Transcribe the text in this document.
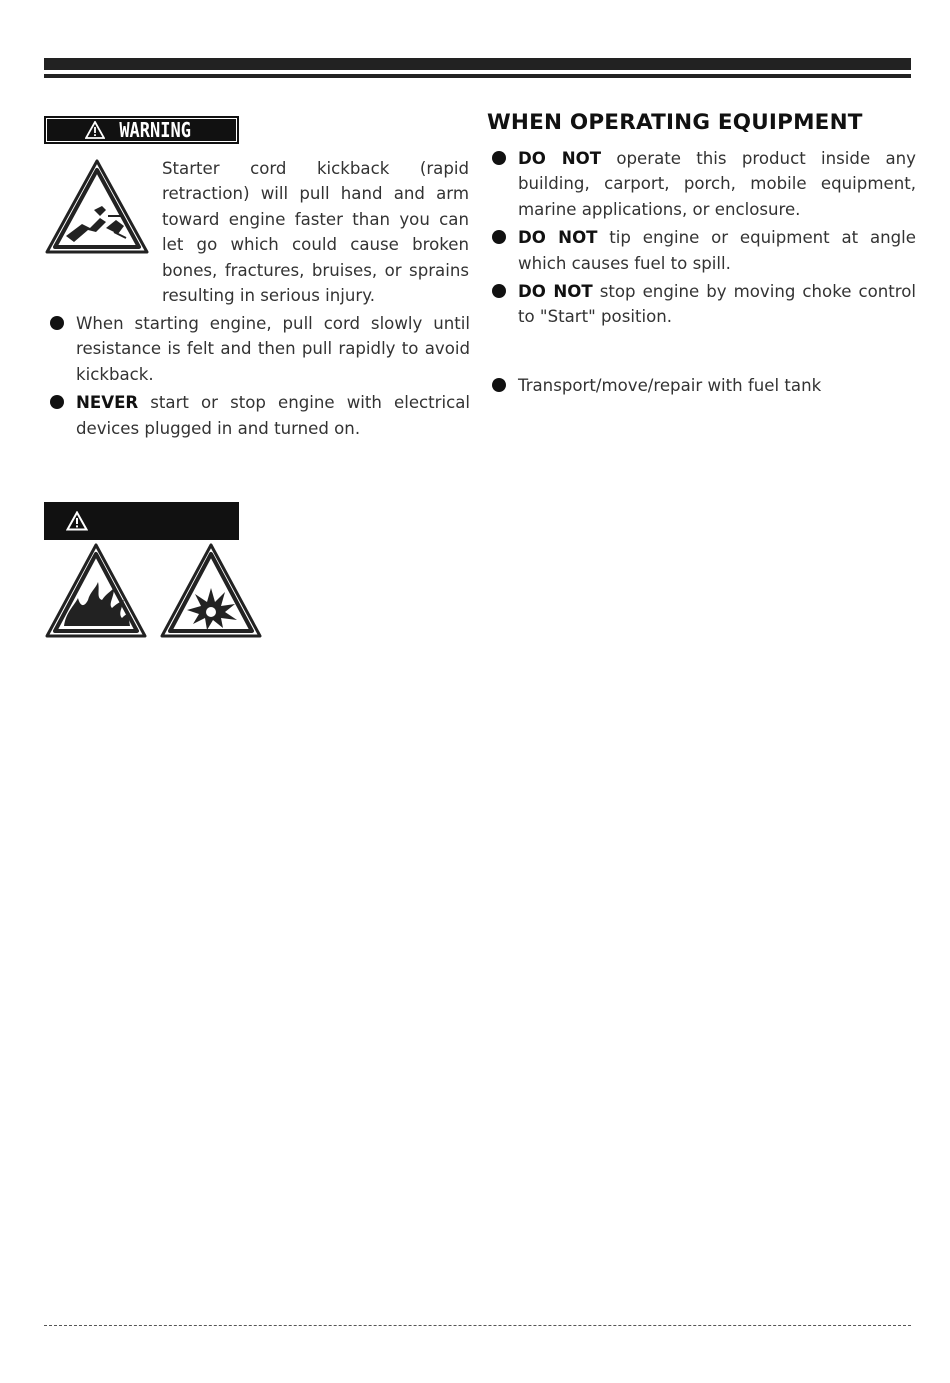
WARNING
Starter cord kickback (rapid retraction) will pull hand and arm toward engine faster than you can let go which could cause broken bones, fractures, bruises, or sprains resulting in serious injury.
When starting engine, pull cord slowly until resistance is felt and then pull rapidly to avoid kickback.
NEVER start or stop engine with electrical devices plugged in and turned on.
WHEN OPERATING EQUIPMENT
DO NOT operate this product inside any building, carport, porch, mobile equipment, marine applications, or enclosure.
DO NOT tip engine or equipment at angle which causes fuel to spill.
DO NOT stop engine by moving choke control to "Start" position.
Transport/move/repair with fuel tank
